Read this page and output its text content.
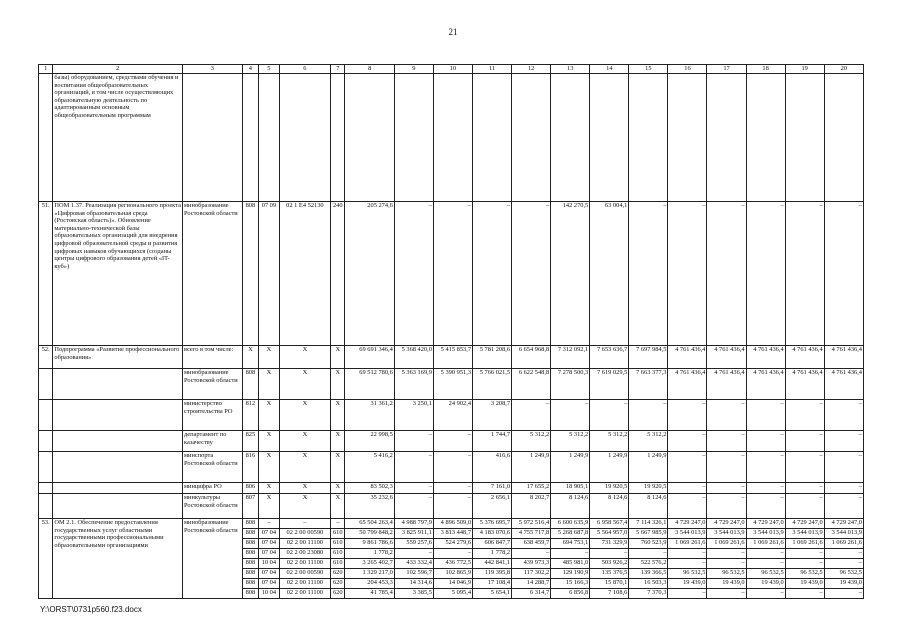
21
1	2	3	4	5	6	7	8	9	10	11	12	13	14	15	16	17	18	19	20
	базы) оборудованием, средствами обучения и воспитания общеобразовательных организаций, в том числе осуществляющих образовательную деятельность по адаптированным основным общеобразовательным программам																		
51.	ПОМ 1.37. Реализация регионального проекта «Цифровая образовательная среда (Ростовская область)». Обновление материально-технической базы образовательных организаций для внедрения цифровой образовательной среды и развития цифровых навыков обучающихся (созданы центры цифрового образования детей «IT-куб»)	минобразование Ростовской области	808	07 09	02 1 E4 52130	240	205 274,6	–	–	–	–	142 270,5	63 004,1	–	–	–	–	–	–
52.	Подпрограмма «Развитие профессионального образования»	всего в том числе:	X	X	X	X	69 691 346,4	5 368 420,0	5 415 853,7	5 781 208,6	6 654 968,8	7 312 092,1	7 653 636,7	7 697 984,5	4 761 436,4	4 761 436,4	4 761 436,4	4 761 436,4	4 761 436,4
		минобразование Ростовской области	808	X	X	X	69 512 780,6	5 363 169,9	5 390 951,3	5 766 021,5	6 622 548,8	7 278 500,3	7 619 029,5	7 663 377,3	4 761 436,4	4 761 436,4	4 761 436,4	4 761 436,4	4 761 436,4
		министерство строительства РО	812	X	X	X	31 361,2	3 250,1	24 902,4	3 208,7	–	–	–	–	–	–	–	–	–
		департамент по казачеству	825	X	X	X	22 998,5	–	–	1 744,7	5 312,2	5 312,2	5 312,2	5 312,2	–	–	–	–	–
		минспорта Ростовской области	816	X	X	X	5 416,2	–	–	416,6	1 249,9	1 249,9	1 249,9	1 249,9	–	–	–	–	–
		минцифра РО	806	X	X	X	83 502,3	–	–	7 161,0	17 655,2	18 905,1	19 920,5	19 920,5	–	–	–	–	–
		минкультуры Ростовской области	807	X	X	X	35 232,6	–	–	2 656,1	8 202,7	8 124,6	8 124,6	8 124,6	–	–	–	–	–
53.	ОМ 2.1. Обеспечение предоставления государственных услуг областными государственными профессиональными образовательными организациями	минобразование Ростовской области	808	–	–	–	65 504 263,4	4 988 797,9	4 896 509,0	5 376 695,7	5 972 516,4	6 600 635,9	6 958 567,4	7 114 326,1	4 729 247,0	4 729 247,0	4 729 247,0	4 729 247,0	4 729 247,0
			808	07 04	02 2 00 00590	610	50 799 848,2	3 825 911,1	3 813 448,7	4 183 070,6	4 755 717,8	5 268 687,8	5 564 957,0	5 667 985,9	3 544 013,9	3 544 013,9	3 544 013,9	3 544 013,9	3 544 013,9
			808	07 04	02 2 00 11100	610	9 861 786,6	559 257,6	524 279,6	606 847,7	638 459,7	694 753,1	731 329,9	760 523,9	1 069 261,6	1 069 261,6	1 069 261,6	1 069 261,6	1 069 261,6
			808	07 04	02 2 00 23080	610	1 778,2	–	–	1 778,2	–	–	–	–	–	–	–	–	–
			808	10 04	02 2 00 11100	610	3 265 402,7	433 332,4	436 772,5	442 841,1	439 973,3	485 981,0	503 926,2	522 576,2	–	–	–	–	–
			808	07 04	02 2 00 00590	620	1 329 217,0	102 596,7	102 865,9	119 395,8	117 302,2	129 190,9	135 376,5	139 366,5	96 532,5	96 532,5	96 532,5	96 532,5	96 532,5
			808	07 04	02 2 00 11100	620	204 453,3	14 314,6	14 046,9	17 108,4	14 288,7	15 166,3	15 870,1	16 503,3	19 439,0	19 439,0	19 439,0	19 439,0	19 439,0
			808	10 04	02 2 00 11100	620	41 785,4	3 385,5	5 095,4	5 654,1	6 314,7	6 856,8	7 108,6	7 370,3	–	–	–	–	–
Y:\ORST\0731p560.f23.docx
